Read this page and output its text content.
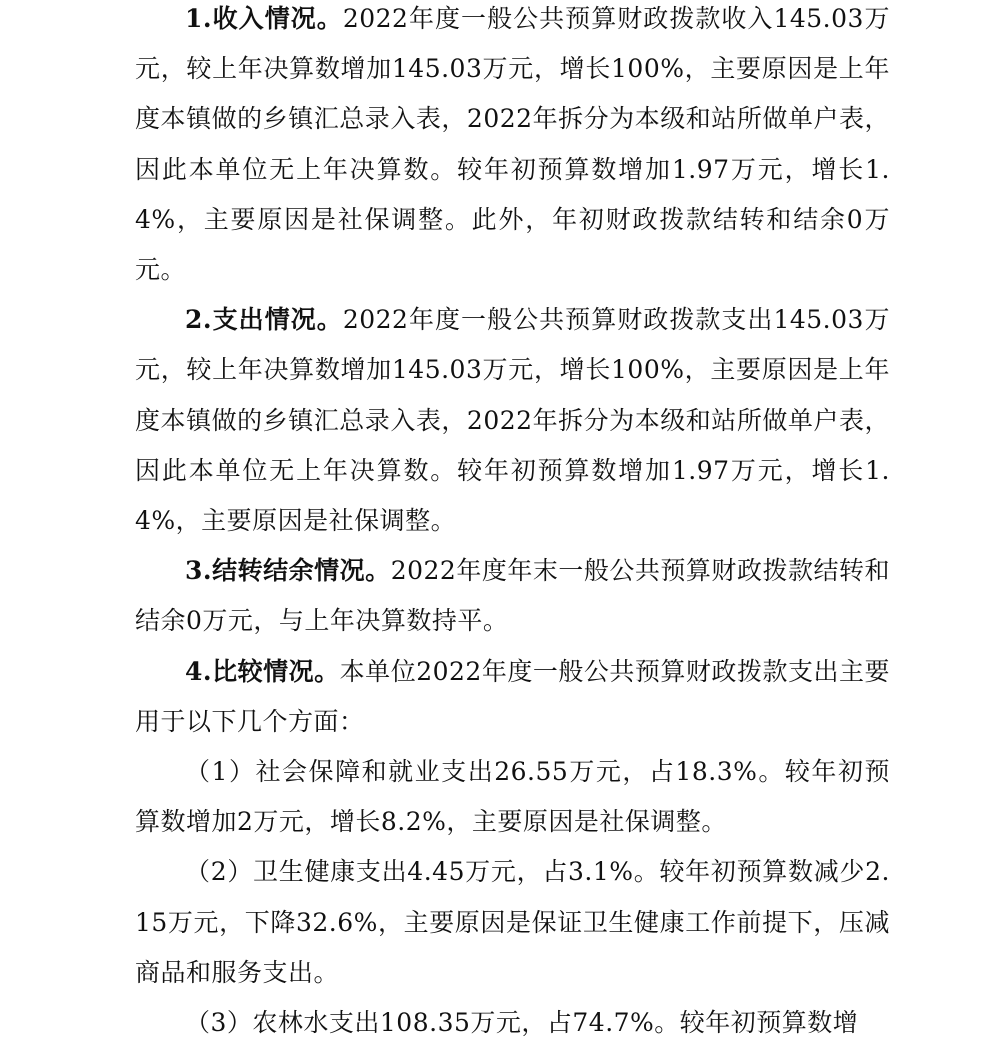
1.收入情况。2022年度一般公共预算财政拨款收入145.03万元，较上年决算数增加145.03万元，增长100%，主要原因是上年度本镇做的乡镇汇总录入表，2022年拆分为本级和站所做单户表，因此本单位无上年决算数。较年初预算数增加1.97万元，增长1.4%，主要原因是社保调整。此外，年初财政拨款结转和结余0万元。

2.支出情况。2022年度一般公共预算财政拨款支出145.03万元，较上年决算数增加145.03万元，增长100%，主要原因是上年度本镇做的乡镇汇总录入表，2022年拆分为本级和站所做单户表，因此本单位无上年决算数。较年初预算数增加1.97万元，增长1.4%，主要原因是社保调整。

3.结转结余情况。2022年度年末一般公共预算财政拨款结转和结余0万元，与上年决算数持平。

4.比较情况。本单位2022年度一般公共预算财政拨款支出主要用于以下几个方面：

（1）社会保障和就业支出26.55万元，占18.3%。较年初预算数增加2万元，增长8.2%，主要原因是社保调整。

（2）卫生健康支出4.45万元，占3.1%。较年初预算数减少2.15万元，下降32.6%，主要原因是保证卫生健康工作前提下，压减商品和服务支出。

（3）农林水支出108.35万元，占74.7%。较年初预算数增
